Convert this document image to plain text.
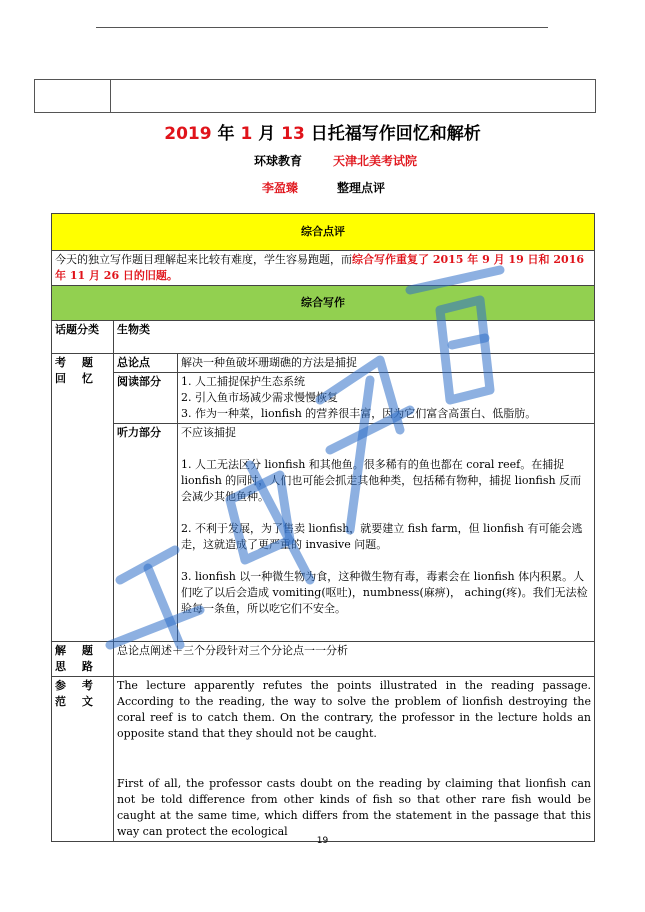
2019 年 1 月 13 日托福写作回忆和解析
环球教育	天津北美考试院
李盈臻	整理点评
综合点评		
今天的独立写作题目理解起来比较有难度，学生容易跑题，而综合写作重复了 2015 年 9 月 19 日和 2016 年 11 月 26 日的旧题。		
综合写作		
话题分类	生物类	
考 题 回 忆	总论点	解决一种鱼破坏珊瑚礁的方法是捕捉
	阅读部分	1. 人工捕捉保护生态系统
2. 引入鱼市场减少需求慢慢恢复
3. 作为一种菜，lionfish 的营养很丰富，因为它们富含高蛋白、低脂肪。

	听力部分	不应该捕捉

1. 人工无法区分 lionfish 和其他鱼。很多稀有的鱼也都在 coral reef。在捕捉 lionfish 的同时，人们也可能会抓走其他种类，包括稀有物种，捕捉 lionfish 反而会减少其他鱼种。

2. 不利于发展，为了售卖 lionfish，就要建立 fish farm，但 lionfish 有可能会逃走，这就造成了更严重的 invasive 问题。

3. lionfish 以一种微生物为食，这种微生物有毒，毒素会在 lionfish 体内积累。人们吃了以后会造成 vomiting(呕吐)，numbness(麻痹)， aching(疼)。我们无法检验每一条鱼，所以吃它们不安全。

解 题 思 路	总论点阐述＋三个分段针对三个分论点一一分析	
参 考 范 文	The lecture apparently refutes the points illustrated in the reading passage. According to the reading, the way to solve the problem of lionfish destroying the coral reef is to catch them. On the contrary, the professor in the lecture holds an opposite stand that they should not be caught.

First of all, the professor casts doubt on the reading by claiming that lionfish can not be told difference from other kinds of fish so that other rare fish would be caught at the same time, which differs from the statement in the passage that this way can protect the ecological	

19
